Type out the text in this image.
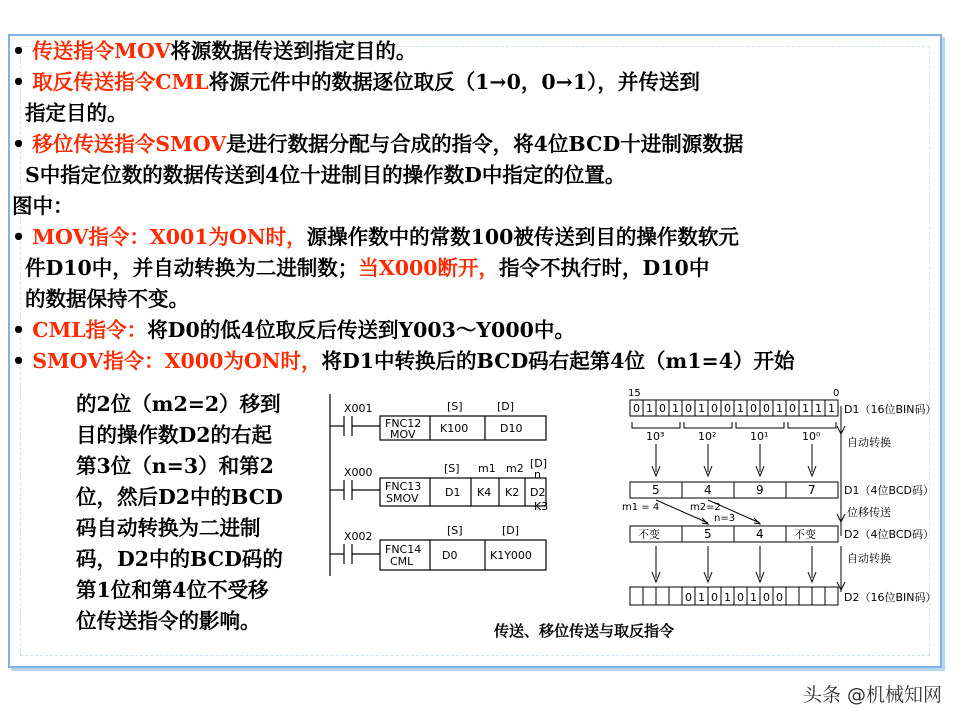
• 传送指令MOV将源数据传送到指定目的。
• 取反传送指令CML将源元件中的数据逐位取反（1→0，0→1），并传送到
指定目的。
• 移位传送指令SMOV是进行数据分配与合成的指令，将4位BCD十进制源数据
S中指定位数的数据传送到4位十进制目的操作数D中指定的位置。
图中：
• MOV指令：X001为ON时，源操作数中的常数100被传送到目的操作数软元
件D10中，并自动转换为二进制数；当X000断开，指令不执行时，D10中
的数据保持不变。
• CML指令：将D0的低4位取反后传送到Y003～Y000中。
• SMOV指令：X000为ON时，将D1中转换后的BCD码右起第4位（m1=4）开始
的2位（m2=2）移到
目的操作数D2的右起
第3位（n=3）和第2
位，然后D2中的BCD
码自动转换为二进制
码，D2中的BCD码的
第1位和第4位不受移
位传送指令的影响。
X001
FNC12
MOV
[S]	[D]
K100	D10
X000
FNC13
SMOV
[S] m1 m2 [D]
n
D1 K4 K2 D2
K3
X002
FNC14
CML
[S]	[D]
D0	K1Y000
0 1 0 1 0 1 0 0 1 0 0 1 0 1 1 1
0 1 0 1 0 1 0 0
15	0
D1（16位BIN码）
10³	10²	10¹	10⁰ 自动转换
5	4	9	7	D1（4位BCD码）
m1 = 4	m2=2
n=3	位移传送
不变	5	4	不变	D2（4位BCD码）
自动转换
D2（16位BIN码）
传送、移位传送与取反指令
头条 @机械知网
